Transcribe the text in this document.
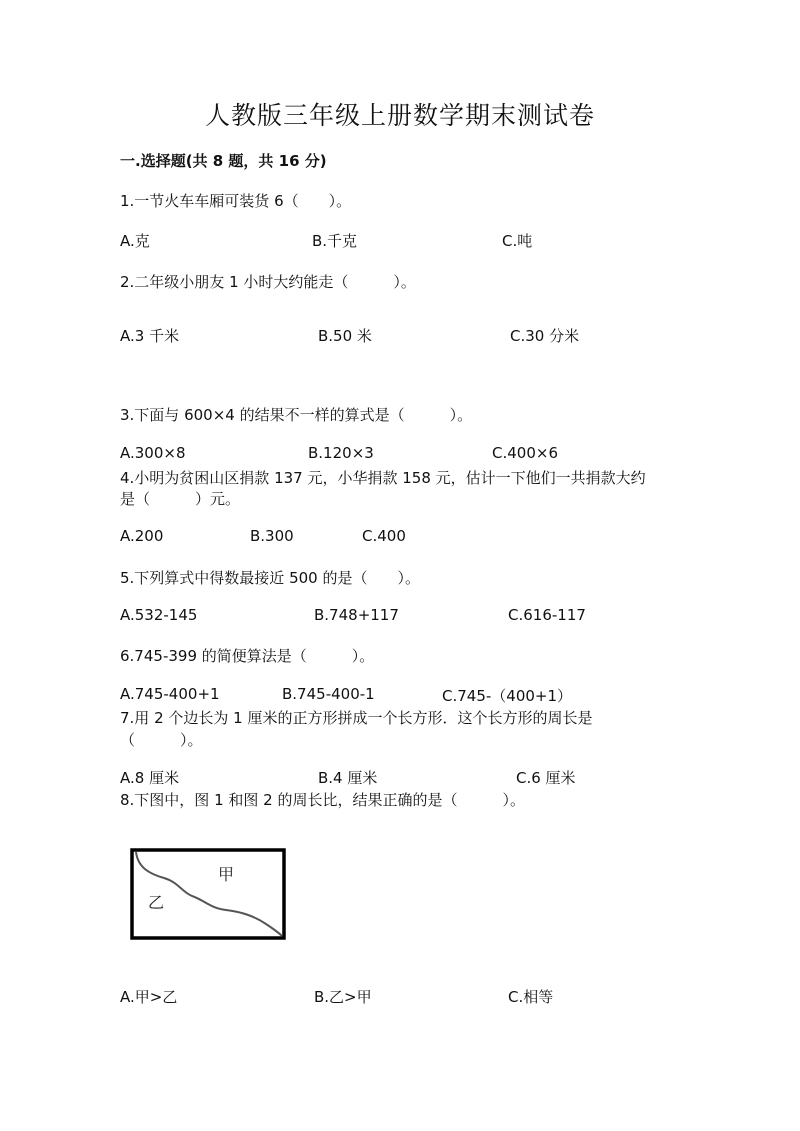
人教版三年级上册数学期末测试卷
一.选择题(共 8 题，共 16 分)
1.一节火车车厢可装货 6（　　）。
A.克	B.千克	C.吨
2.二年级小朋友 1 小时大约能走（　　　）。
A.3 千米	B.50 米	C.30 分米
3.下面与 600×4 的结果不一样的算式是（　　　）。
A.300×8	B.120×3	C.400×6
4.小明为贫困山区捐款 137 元，小华捐款 158 元，估计一下他们一共捐款大约
是（　　　）元。
A.200	B.300	C.400
5.下列算式中得数最接近 500 的是（　　）。
A.532-145	B.748+117	C.616-117
6.745-399 的简便算法是（　　　）。
A.745-400+1	B.745-400-1	C.745-（400+1）
7.用 2 个边长为 1 厘米的正方形拼成一个长方形．这个长方形的周长是
（　　　）。
A.8 厘米	B.4 厘米	C.6 厘米
8.下图中，图 1 和图 2 的周长比，结果正确的是（　　　）。
甲
乙
A.甲>乙	B.乙>甲	C.相等
